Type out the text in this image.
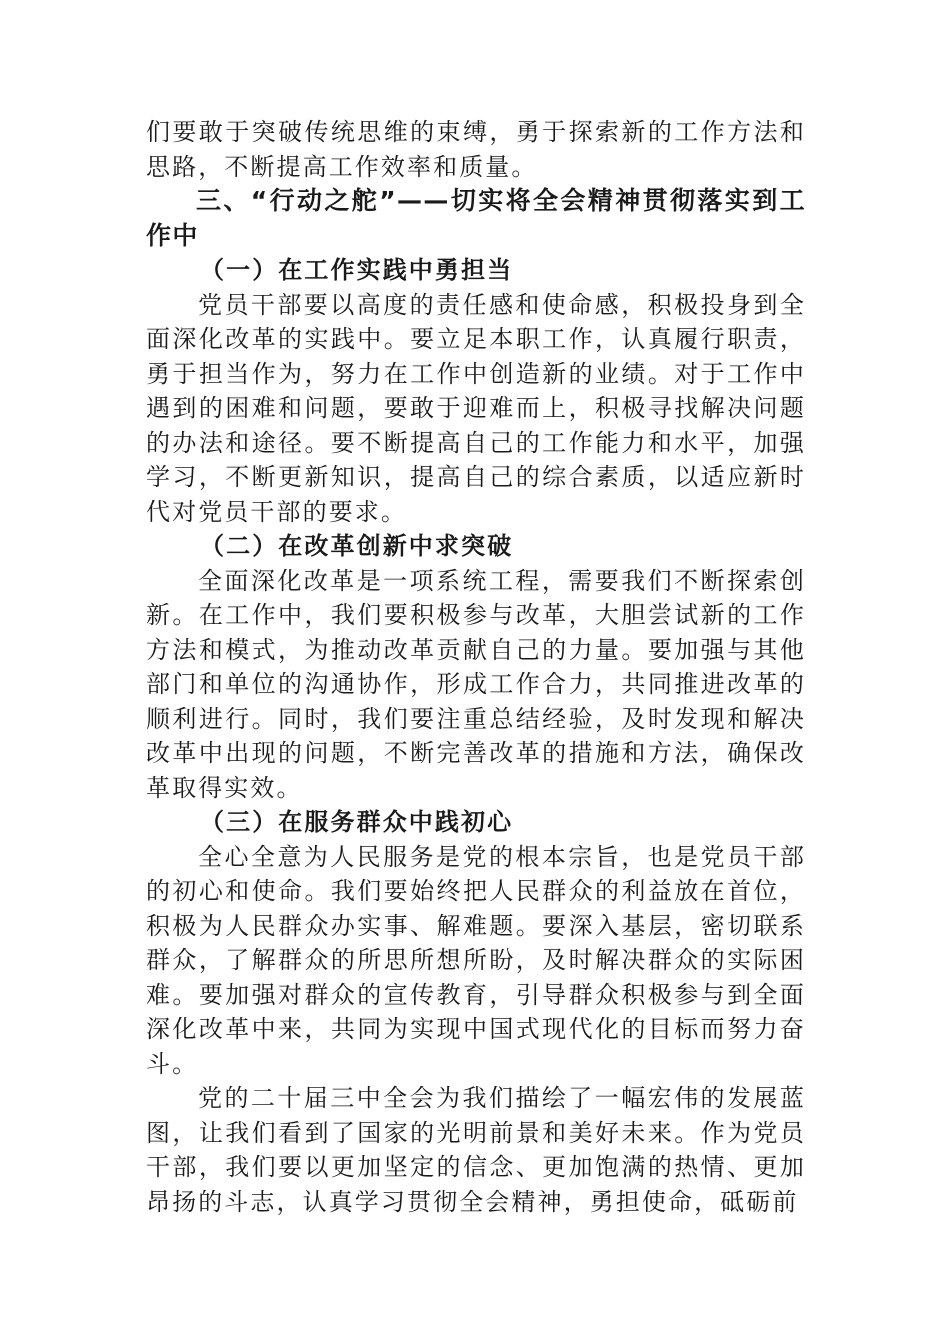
们要敢于突破传统思维的束缚，勇于探索新的工作方法和思路，不断提高工作效率和质量。

三、“行动之舵”——切实将全会精神贯彻落实到工作中

（一）在工作实践中勇担当

党员干部要以高度的责任感和使命感，积极投身到全面深化改革的实践中。要立足本职工作，认真履行职责，勇于担当作为，努力在工作中创造新的业绩。对于工作中遇到的困难和问题，要敢于迎难而上，积极寻找解决问题的办法和途径。要不断提高自己的工作能力和水平，加强学习，不断更新知识，提高自己的综合素质，以适应新时代对党员干部的要求。

（二）在改革创新中求突破

全面深化改革是一项系统工程，需要我们不断探索创新。在工作中，我们要积极参与改革，大胆尝试新的工作方法和模式，为推动改革贡献自己的力量。要加强与其他部门和单位的沟通协作，形成工作合力，共同推进改革的顺利进行。同时，我们要注重总结经验，及时发现和解决改革中出现的问题，不断完善改革的措施和方法，确保改革取得实效。

（三）在服务群众中践初心

全心全意为人民服务是党的根本宗旨，也是党员干部的初心和使命。我们要始终把人民群众的利益放在首位，积极为人民群众办实事、解难题。要深入基层，密切联系群众，了解群众的所思所想所盼，及时解决群众的实际困难。要加强对群众的宣传教育，引导群众积极参与到全面深化改革中来，共同为实现中国式现代化的目标而努力奋斗。

党的二十届三中全会为我们描绘了一幅宏伟的发展蓝图，让我们看到了国家的光明前景和美好未来。作为党员干部，我们要以更加坚定的信念、更加饱满的热情、更加昂扬的斗志，认真学习贯彻全会精神，勇担使命，砥砺前
